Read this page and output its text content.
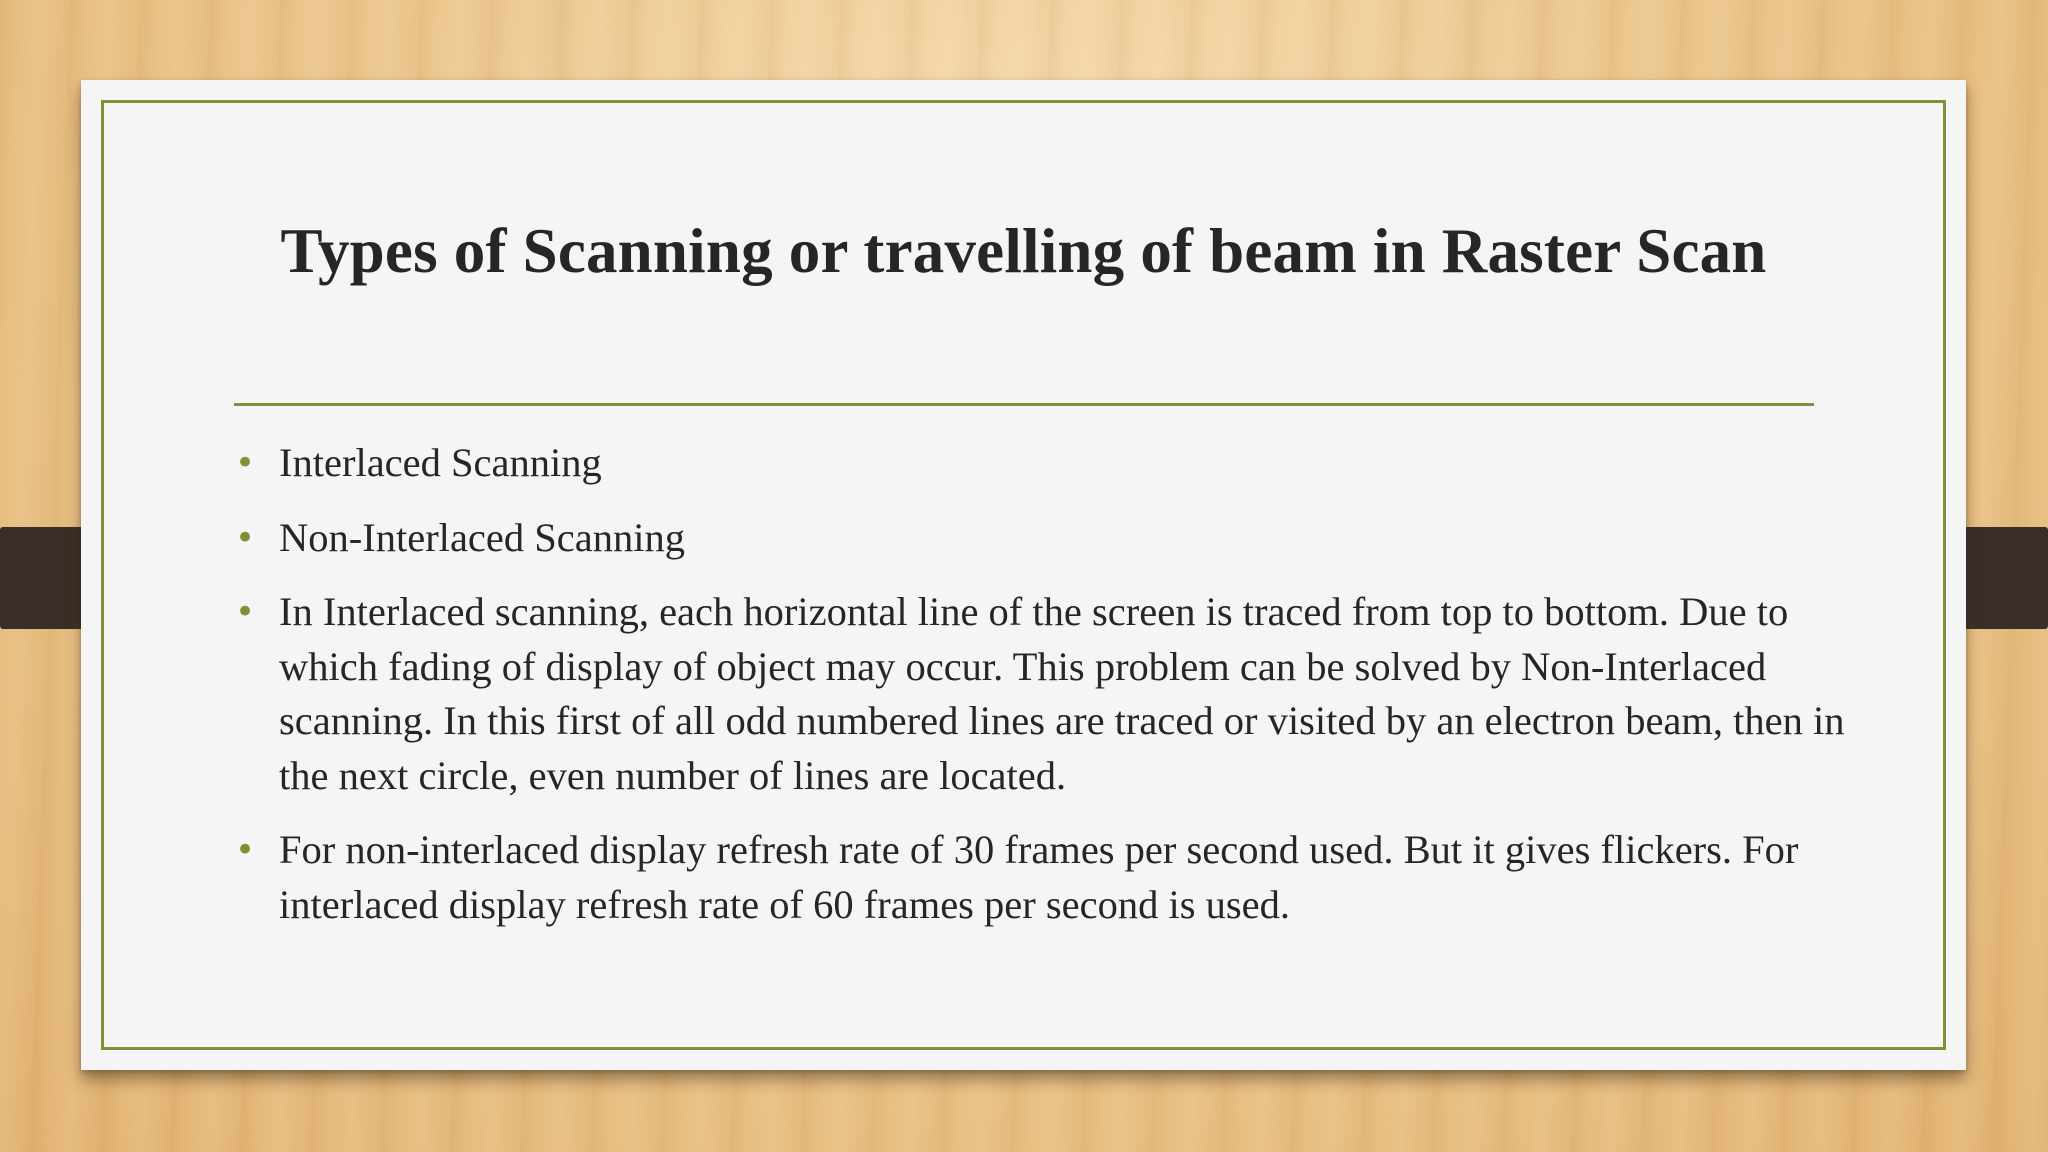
Types of Scanning or travelling of beam in Raster Scan
• Interlaced Scanning
• Non-Interlaced Scanning
• In Interlaced scanning, each horizontal line of the screen is traced from top to bottom. Due to which fading of display of object may occur. This problem can be solved by Non-Interlaced scanning. In this first of all odd numbered lines are traced or visited by an electron beam, then in the next circle, even number of lines are located.
• For non-interlaced display refresh rate of 30 frames per second used. But it gives flickers. For interlaced display refresh rate of 60 frames per second is used.
